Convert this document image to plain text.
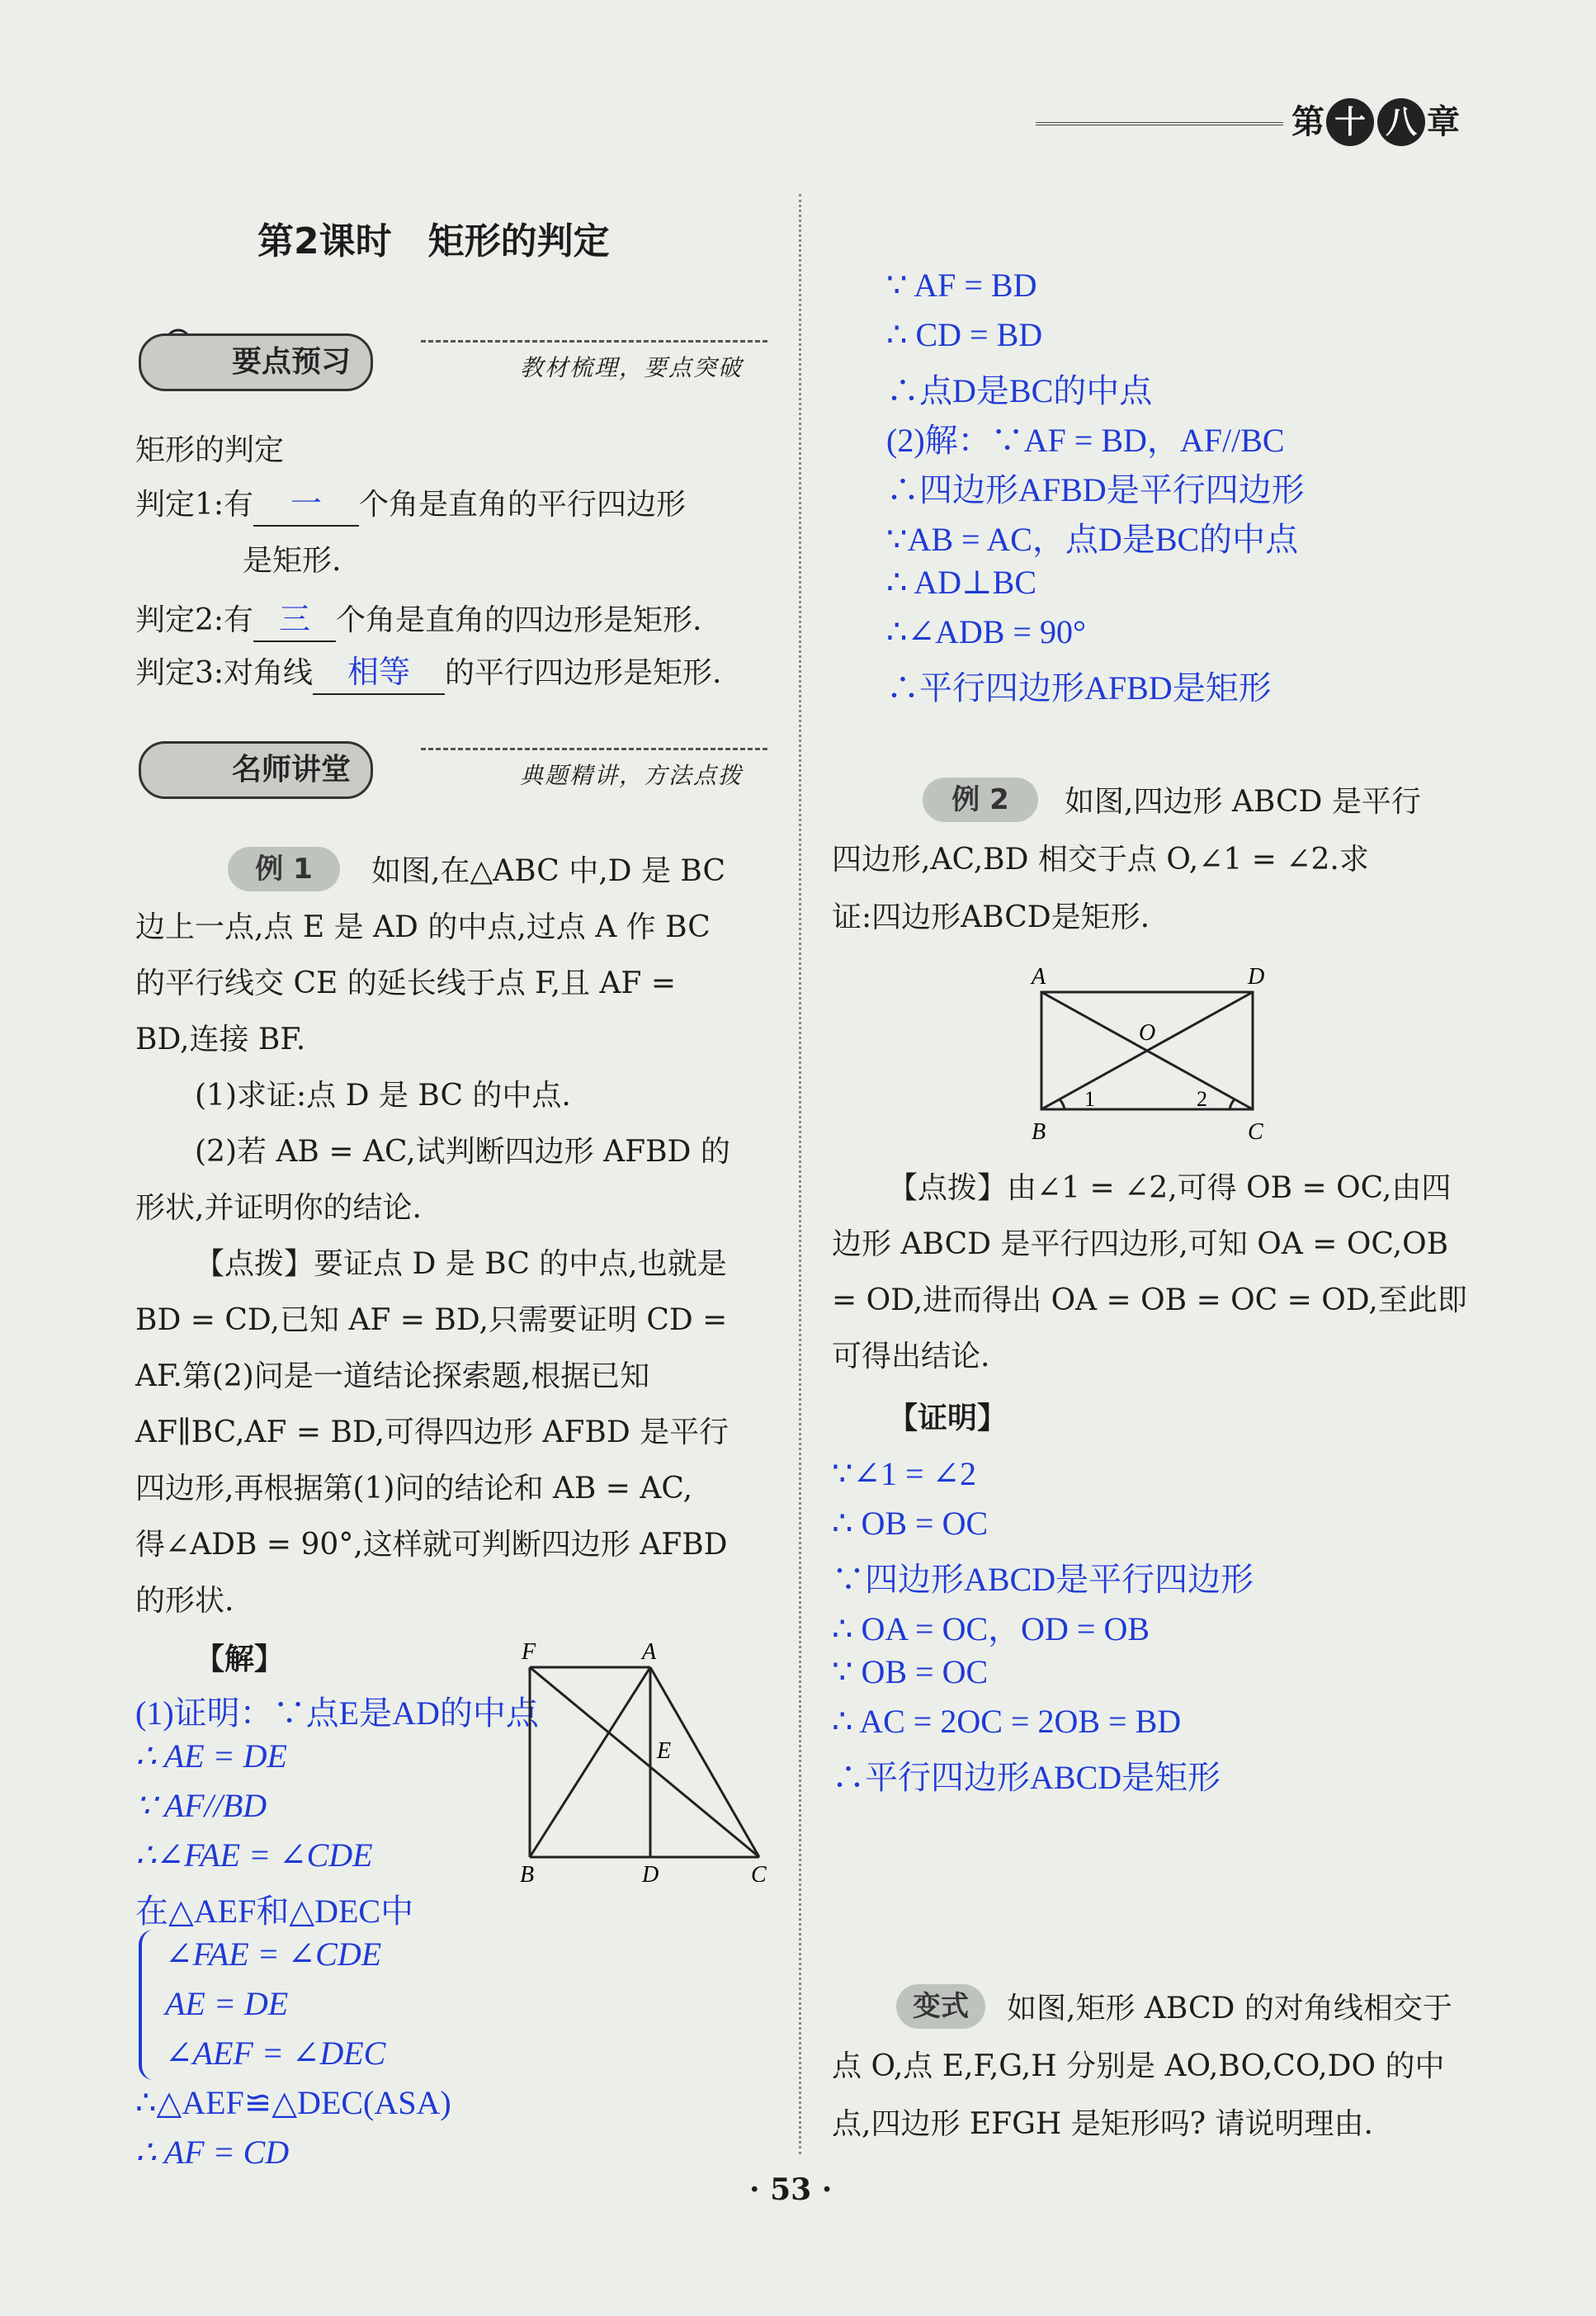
第 十 八 章
第2课时　矩形的判定
要点预习	教材梳理，要点突破
矩形的判定
判定1:有 一 个角是直角的平行四边形
是矩形.
判定2:有 三 个角是直角的四边形是矩形.
判定3:对角线 相等 的平行四边形是矩形.
名师讲堂	典题精讲，方法点拨
例 1	如图,在△ABC 中,D 是 BC
边上一点,点 E 是 AD 的中点,过点 A 作 BC
的平行线交 CE 的延长线于点 F,且 AF =
BD,连接 BF.
(1)求证:点 D 是 BC 的中点.
(2)若 AB = AC,试判断四边形 AFBD 的
形状,并证明你的结论.
【点拨】要证点 D 是 BC 的中点,也就是
BD = CD,已知 AF = BD,只需要证明 CD =
AF.第(2)问是一道结论探索题,根据已知
AF∥BC,AF = BD,可得四边形 AFBD 是平行
四边形,再根据第(1)问的结论和 AB = AC,
得∠ADB = 90°,这样就可判断四边形 AFBD
的形状.
【解】
(1)证明：∵点E是AD的中点
∴ AE = DE
∵ AF//BD
∴∠FAE = ∠CDE
在△AEF和△DEC中
∠FAE = ∠CDE
AE = DE
∠AEF = ∠DEC
∴△AEF≌△DEC(ASA)
∴ AF = CD
F	A
E
B	D	C
∵ AF = BD
∴ CD = BD
∴点D是BC的中点
(2)解：∵AF = BD，AF//BC
∴四边形AFBD是平行四边形
∵AB = AC，点D是BC的中点
∴ AD⊥BC
∴∠ADB = 90°
∴平行四边形AFBD是矩形
例 2	如图,四边形 ABCD 是平行
四边形,AC,BD 相交于点 O,∠1 = ∠2.求
证:四边形ABCD是矩形.
A	D
O
1	2
B	C
【点拨】由∠1 = ∠2,可得 OB = OC,由四
边形 ABCD 是平行四边形,可知 OA = OC,OB
= OD,进而得出 OA = OB = OC = OD,至此即
可得出结论.
【证明】
∵∠1 = ∠2
∴ OB = OC
∵四边形ABCD是平行四边形
∴ OA = OC，OD = OB
∵ OB = OC
∴ AC = 2OC = 2OB = BD
∴平行四边形ABCD是矩形
变式	如图,矩形 ABCD 的对角线相交于
点 O,点 E,F,G,H 分别是 AO,BO,CO,DO 的中
点,四边形 EFGH 是矩形吗? 请说明理由.
· 53 ·
